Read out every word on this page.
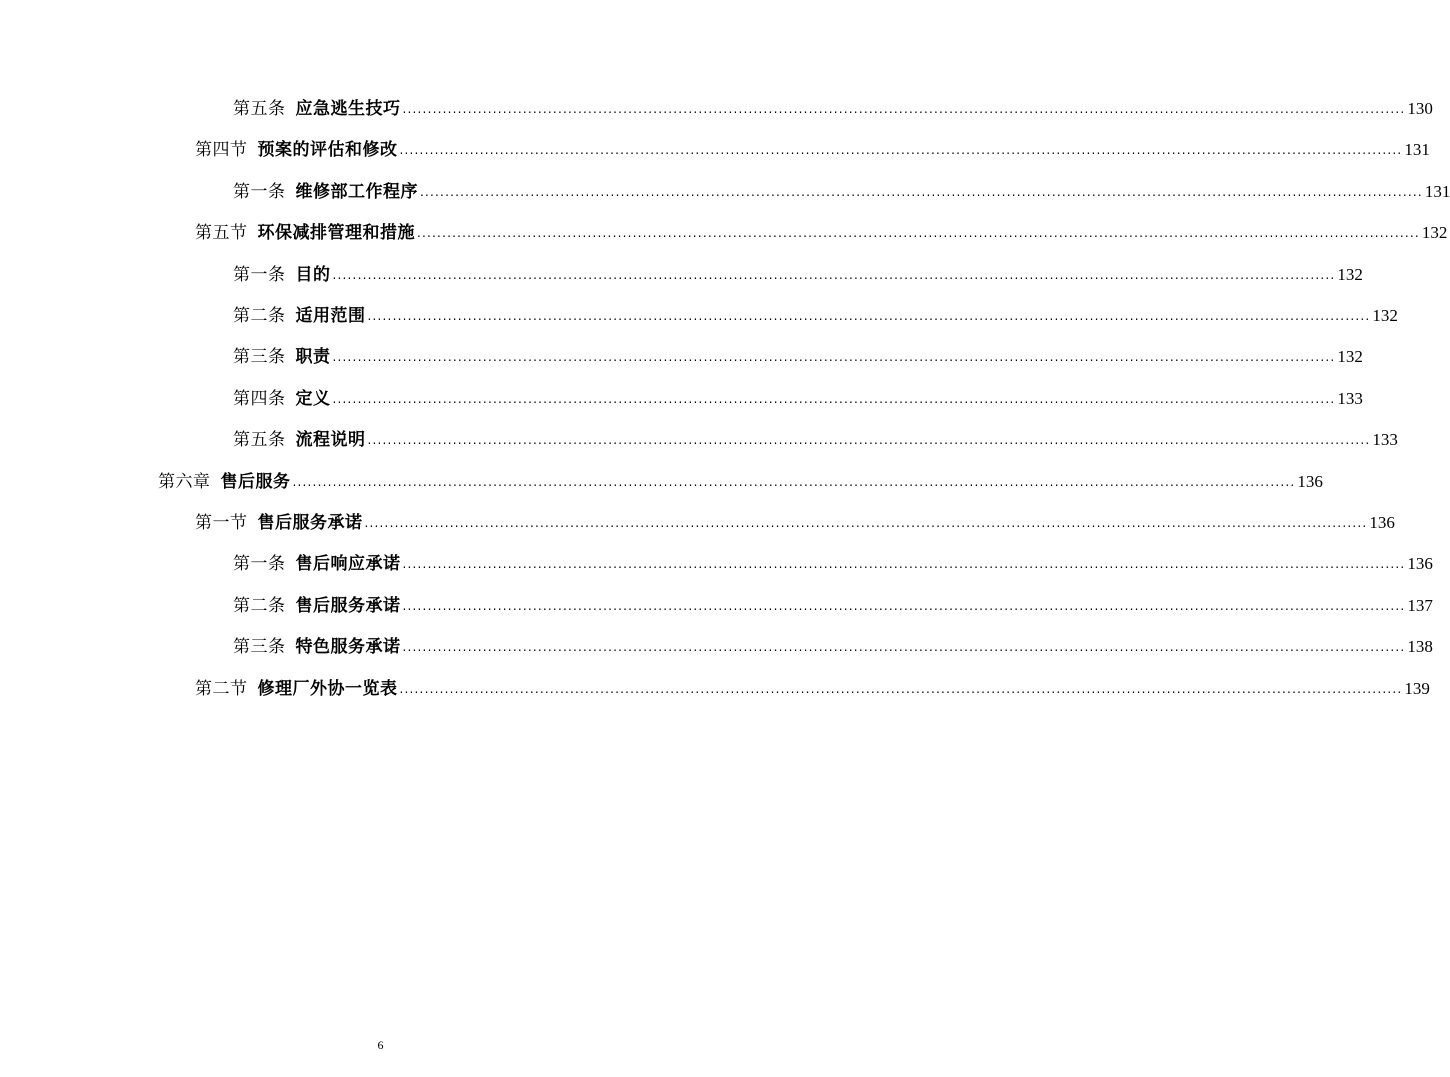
第五条 应急逃生技巧 ........................................................................................................................................................................................................ 130
第四节 预案的评估和修改 ........................................................................................................................................................................................................ 131
第一条 维修部工作程序 ........................................................................................................................................................................................................ 131
第五节 环保减排管理和措施 ........................................................................................................................................................................................................ 132
第一条 目的 ........................................................................................................................................................................................................ 132
第二条 适用范围 ........................................................................................................................................................................................................ 132
第三条 职责 ........................................................................................................................................................................................................ 132
第四条 定义 ........................................................................................................................................................................................................ 133
第五条 流程说明 ........................................................................................................................................................................................................ 133
第六章 售后服务 ........................................................................................................................................................................................................ 136
第一节 售后服务承诺 ........................................................................................................................................................................................................ 136
第一条 售后响应承诺 ........................................................................................................................................................................................................ 136
第二条 售后服务承诺 ........................................................................................................................................................................................................ 137
第三条 特色服务承诺 ........................................................................................................................................................................................................ 138
第二节 修理厂外协一览表 ........................................................................................................................................................................................................ 139
6
